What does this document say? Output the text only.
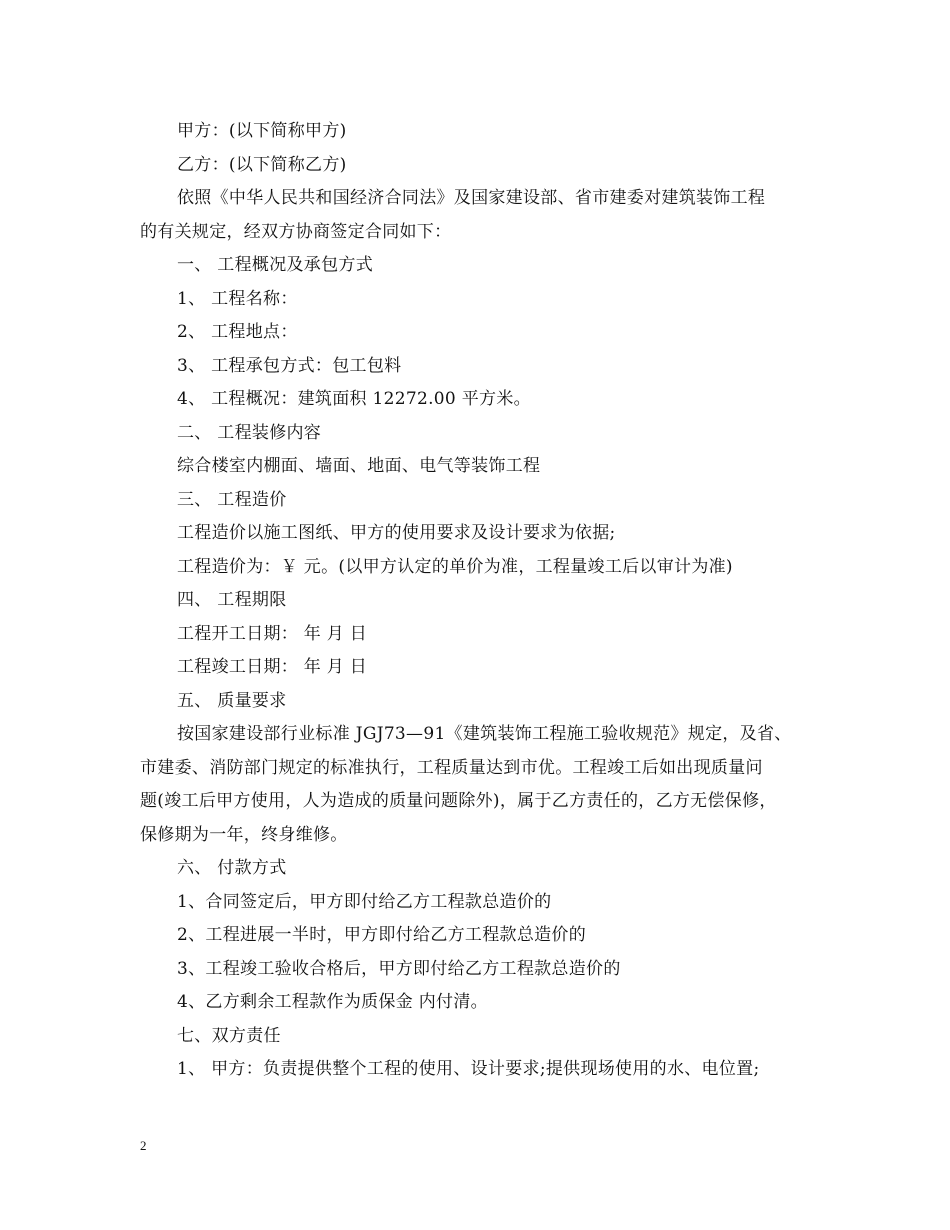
甲方：(以下简称甲方)
乙方：(以下简称乙方)
依照《中华人民共和国经济合同法》及国家建设部、省市建委对建筑装饰工程
的有关规定，经双方协商签定合同如下：
一、 工程概况及承包方式
1、 工程名称：
2、 工程地点：
3、 工程承包方式：包工包料
4、 工程概况：建筑面积 12272.00 平方米。
二、 工程装修内容
综合楼室内棚面、墙面、地面、电气等装饰工程
三、 工程造价
工程造价以施工图纸、甲方的使用要求及设计要求为依据;
工程造价为：￥ 元。(以甲方认定的单价为准，工程量竣工后以审计为准)
四、 工程期限
工程开工日期： 年 月 日
工程竣工日期： 年 月 日
五、 质量要求
按国家建设部行业标准 JGJ73—91《建筑装饰工程施工验收规范》规定，及省、
市建委、消防部门规定的标准执行，工程质量达到市优。工程竣工后如出现质量问
题(竣工后甲方使用，人为造成的质量问题除外)，属于乙方责任的，乙方无偿保修，
保修期为一年，终身维修。
六、 付款方式
1、合同签定后，甲方即付给乙方工程款总造价的
2、工程进展一半时，甲方即付给乙方工程款总造价的
3、工程竣工验收合格后，甲方即付给乙方工程款总造价的
4、乙方剩余工程款作为质保金 内付清。
七、双方责任
1、 甲方：负责提供整个工程的使用、设计要求;提供现场使用的水、电位置;
2
